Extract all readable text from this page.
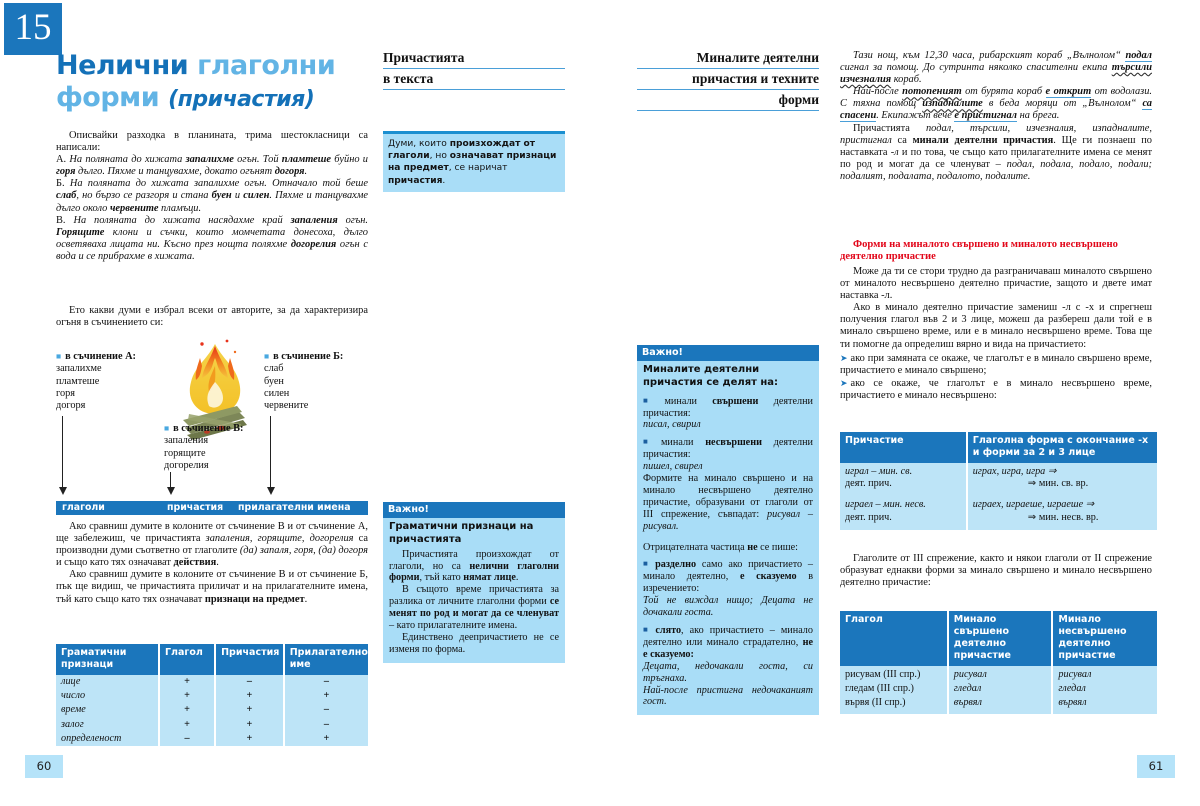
15
Нелични глаголни
форми (причастия)

Описвайки разходка в планината, трима шестокласници са написали:

А. На поляната до хижата запалихме огън. Той пламтеше буйно и горя дълго. Пяхме и танцувахме, докато огънят догоря.

Б. На поляната до хижата запалихме огън. Отначало той беше слаб, но бързо се разгоря и стана буен и силен. Пяхме и танцувахме дълго около червените пламъци.

В. На поляната до хижата насядахме край запаления огън. Горящите клони и съчки, които момчетата донесоха, дълго осветяваха лицата ни. Късно през нощта поляхме догорелия огън с вода и се прибрахме в хижата.

Ето какви думи е избрал всеки от авторите, за да характеризира огъня в съчинението си:

■ в съчинение А:
запалихме
пламтеше
горя
догоря
■ в съчинение Б:
слаб
буен
силен
червените
■ в съчинение В:
запаления
горящите
догорелия
глаголи	причастия прилагателни имена

Ако сравниш думите в колоните от съчинение В и от съчинение А, ще забележиш, че причастията запаления, горящите, догорелия са производни думи съответно от глаголите (да) запаля, горя, (да) догоря и също като тях означават действия.

Ако сравниш думите в колоните от съчинение В и от съчинение Б, пък ще видиш, че причастията приличат и на прилагателните имена, тъй като също като тях означават признаци на предмет.

Граматични признаци	Глагол	Причастия	Прилагателно име
лице	+	–	–
число	+	+	+
време	+	+	–
залог	+	+	–
определеност	–	+	+
Причастията
в текста
Думи, които произхождат от глаголи, но означават признаци на предмет, се наричат причастия.
Важно!
Граматични признаци на причастията

Причастията произхождат от глаголи, но са нелични глаголни форми, тъй като нямат лице.

В същото време причастията за разлика от личните глаголни форми се менят по род и могат да се членуват – като прилагателните имена.

Единствено деепричастието не се изменя по форма.

Миналите деятелни
причастия и техните
форми
Важно!
Миналите деятелни причастия се делят на:

■ минали свършени деятелни причастия:

писал, свирил

■ минали несвършени деятелни причастия:

пишел, свирел

Формите на минало свършено и на минало несвършено деятелно причастие, образувани от глаголи от III спрежение, съвпадат: рисувал – рисувал.

Отрицателната частица не се пише:

■ разделно само ако причастието – минало деятелно, е сказуемо в изречението:

Той не виждал нищо; Децата не дочакали госта.

■ слято, ако причастието – минало деятелно или минало страдателно, не е сказуемо:

Децата, недочакали госта, си тръгнаха.

Най-после пристигна недочаканият гост.

Тази нощ, към 12,30 часа, рибарският кораб „Вълнолом“ подал сигнал за помощ. До сутринта няколко спасителни екипа търсили изчезналия кораб.

Най-после потопеният от бурята кораб е открит от водолази. С тяхна помощ изпадналите в беда моряци от „Вълнолом“ са спасени. Екипажът вече е пристигнал на брега.

Причастията подал, търсили, изчезналия, изпадналите, пристигнал са минали деятелни причастия. Ще ги познаеш по наставката -л и по това, че също като прилагателните имена се менят по род и могат да се членуват – подал, подала, подало, подали; подалият, подалата, подалото, подалите.

Форми на миналото свършено и миналото несвършено деятелно причастие

Може да ти се стори трудно да разграничаваш миналото свършено от миналото несвършено деятелно причастие, защото и двете имат наставка -л.

Ако в минало деятелно причастие замениш -л с -х и спрегнеш получения глагол във 2 и 3 лице, можеш да разбереш дали той е в минало свършено време, или е в минало несвършено време. Това ще ти помогне да определиш вярно и вида на причастието:

➤ ако при замяната се окаже, че глаголът е в минало свършено време, причастието е минало свършено;

➤ ако се окаже, че глаголът е в минало несвършено време, причастието е минало несвършено:

Причастие	Глаголна форма с окончание -х и форми за 2 и 3 лице
играл – мин. св.
деят. прич.	играх, игра, игра ⇒
⇒ мин. св. вр.
играел – мин. несв.
деят. прич.	играех, играеше, играеше ⇒
⇒ мин. несв. вр.

Глаголите от III спрежение, както и някои глаголи от II спрежение образуват еднакви форми за минало свършено и минало несвършено деятелно причастие:

Глагол	Минало свършено деятелно причастие	Минало несвършено деятелно причастие
рисувам (III спр.)	рисувал	рисувал
гледам (III спр.)	гледал	гледал
вървя (II спр.)	вървял	вървял
60	61
